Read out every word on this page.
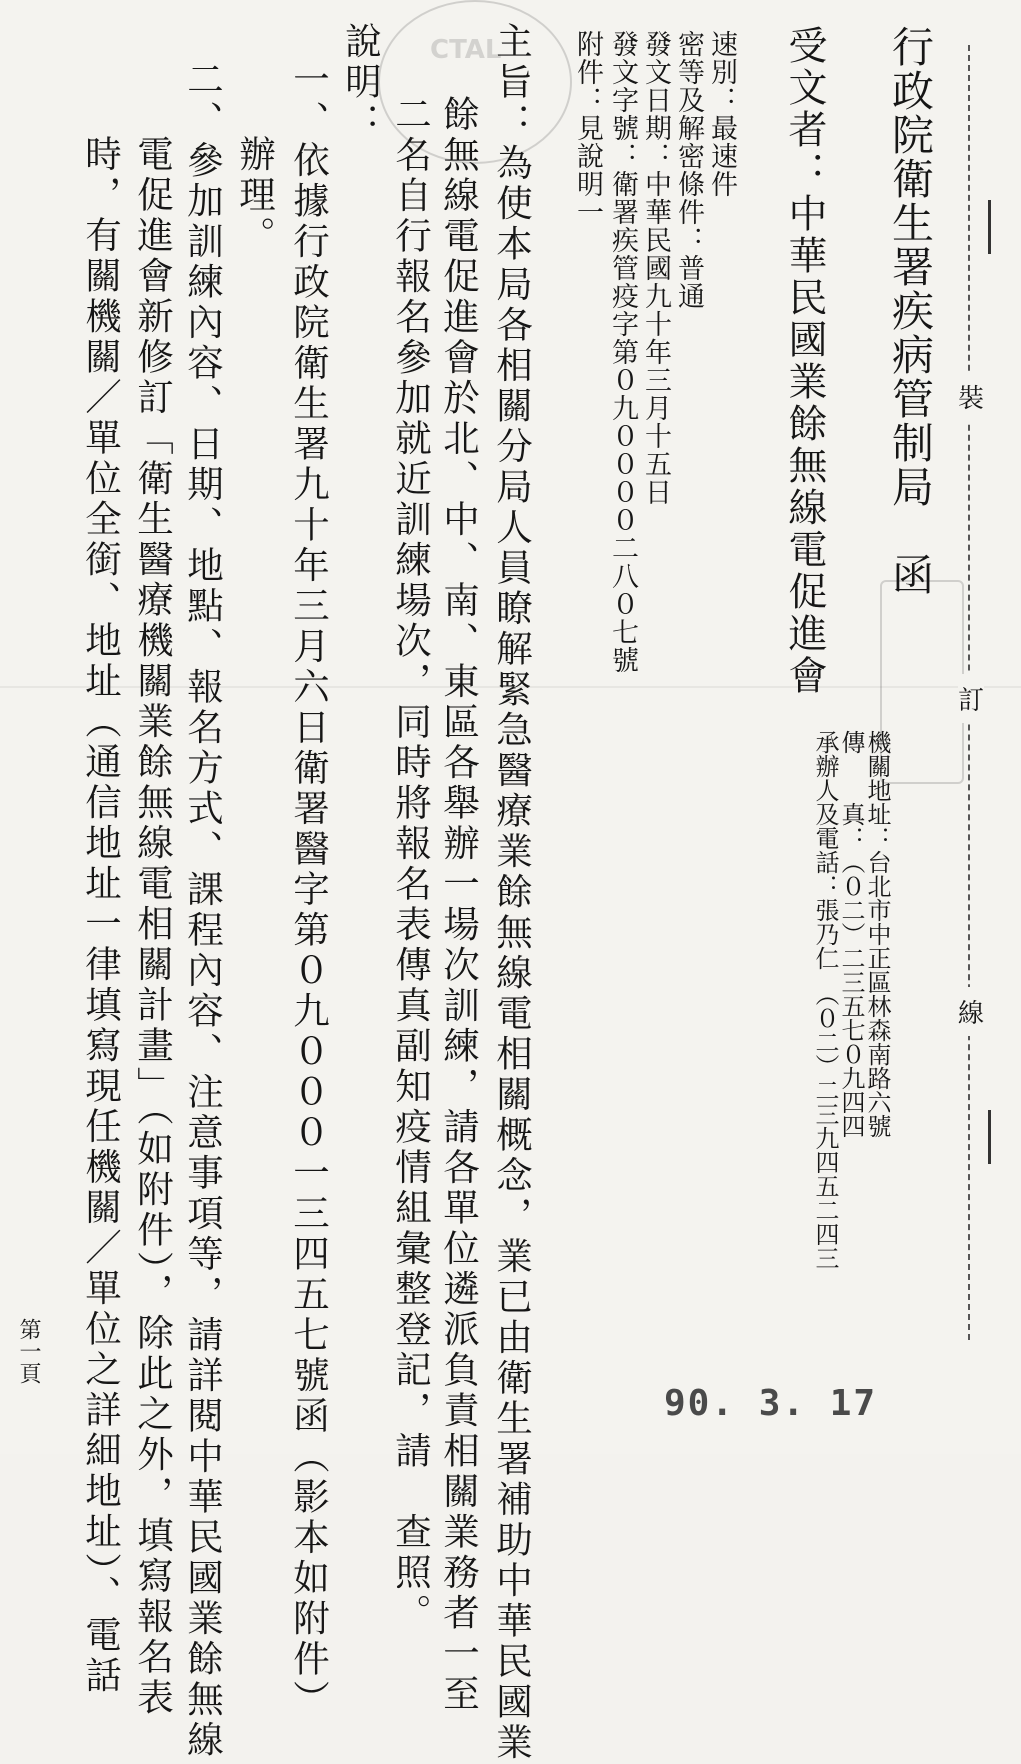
CTAL	行政院衛生署疾病管制局　函
受文者：中華民國業餘無線電促進會
速別：最速件
密等及解密條件：普通
發文日期：中華民國九十年三月十五日
發文字號：衛署疾管疫字第０九００００二八０七號
附件：見說明一
主旨：為使本局各相關分局人員瞭解緊急醫療業餘無線電相關概念，業已由衛生署補助中華民國業
餘無線電促進會於北、中、南、東區各舉辦一場次訓練，請各單位遴派負責相關業務者一至
二名自行報名參加就近訓練場次，同時將報名表傳真副知疫情組彙整登記，請　查照。
說明：
一、依據行政院衛生署九十年三月六日衛署醫字第０九０００一三四五七號函（影本如附件）
辦理。
二、參加訓練內容、日期、地點、報名方式、課程內容、注意事項等，請詳閱中華民國業餘無線
電促進會新修訂「衛生醫療機關業餘無線電相關計畫」（如附件），除此之外，填寫報名表
時，有關機關／單位全銜、地址（通信地址一律填寫現任機關／單位之詳細地址）、電話	機關地址：台北市中正區林森南路六號
傳　　真：（０二）二三五七０九四四
承辦人及電話：張乃仁　（０二）二三九四五二四三
裝
訂
線
90. 3. 17
第一頁
